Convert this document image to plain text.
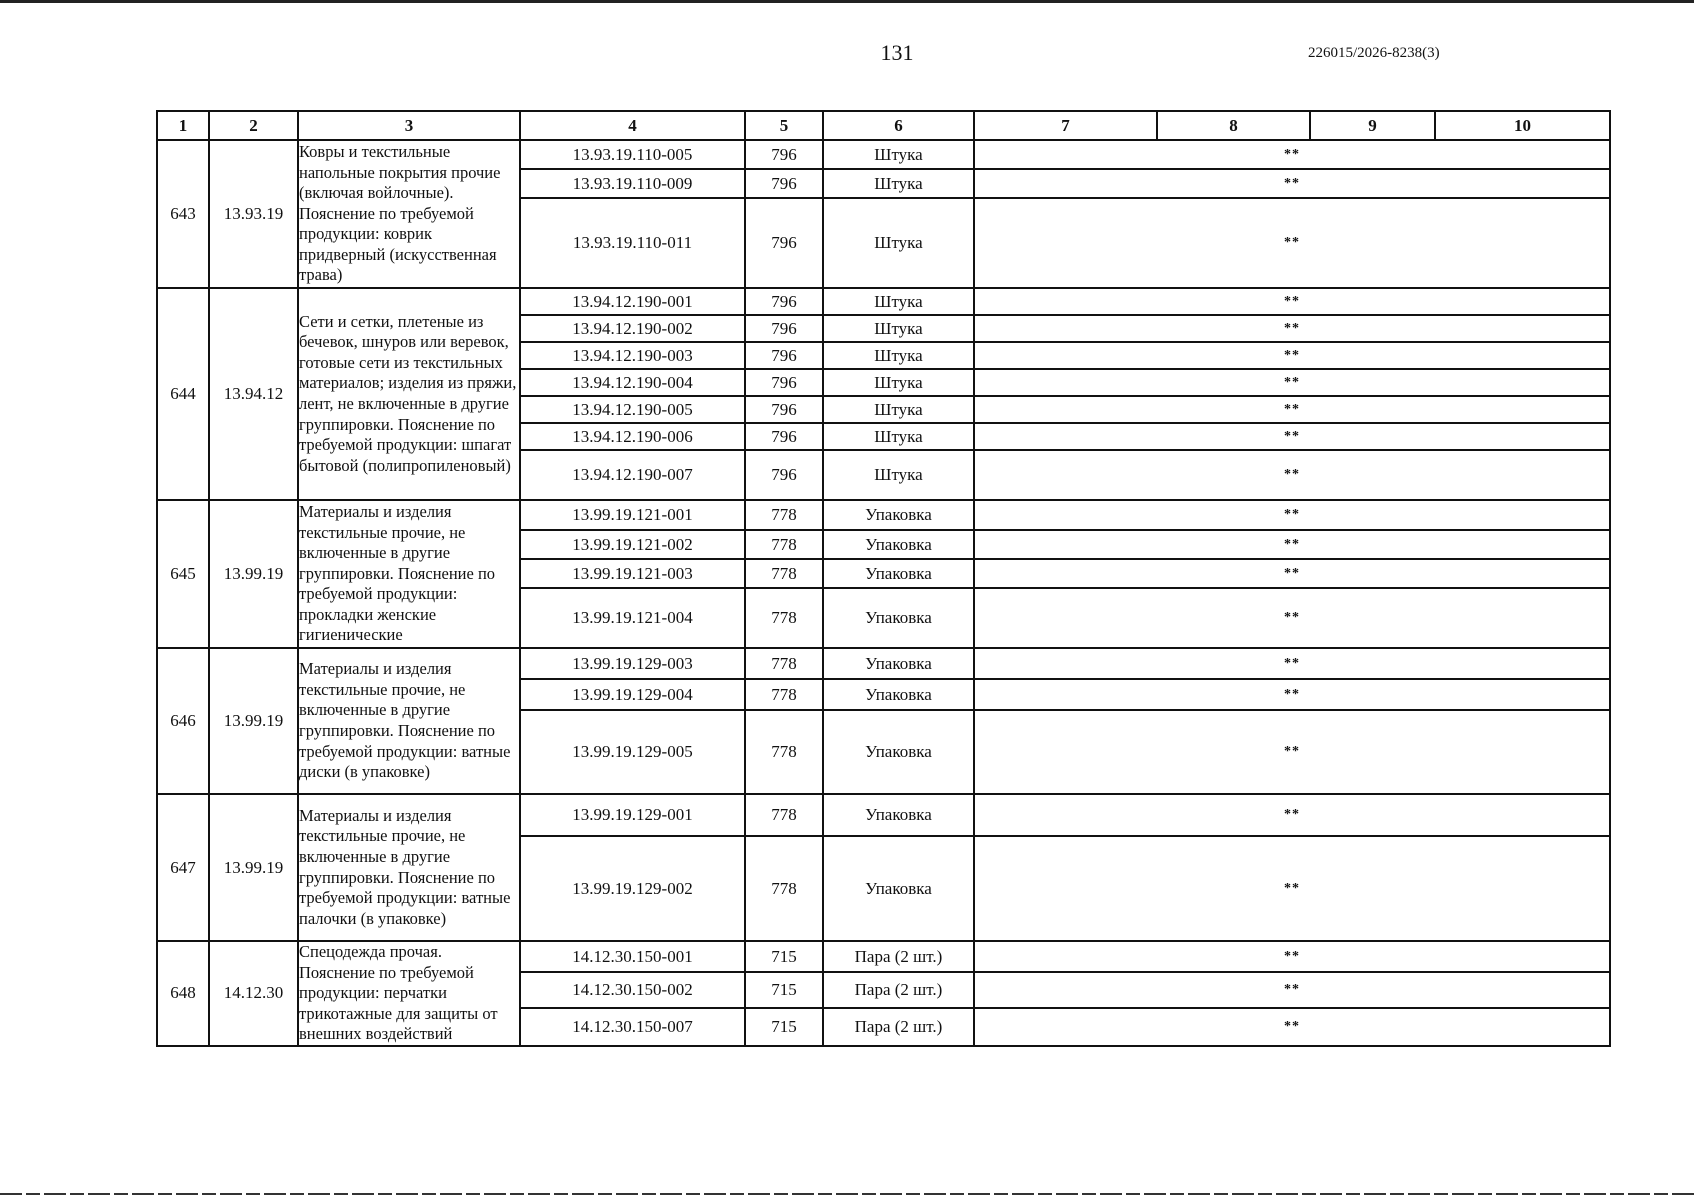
131	226015/2026-8238(3)
1	2	3	4	5	6	7	8	9	10
643	13.93.19	Ковры и текстильные напольные покрытия прочие (включая войлочные). Пояснение по требуемой продукции: коврик придверный (искусственная трава)	13.93.19.110-005	796	Штука	**			
			13.93.19.110-009	796	Штука	**			
			13.93.19.110-011	796	Штука	**			
644	13.94.12	Сети и сетки, плетеные из бечевок, шнуров или веревок, готовые сети из текстильных материалов; изделия из пряжи, лент, не включенные в другие группировки. Пояснение по требуемой продукции: шпагат бытовой (полипропиленовый)	13.94.12.190-001	796	Штука	**			
			13.94.12.190-002	796	Штука	**			
			13.94.12.190-003	796	Штука	**			
			13.94.12.190-004	796	Штука	**			
			13.94.12.190-005	796	Штука	**			
			13.94.12.190-006	796	Штука	**			
			13.94.12.190-007	796	Штука	**			
645	13.99.19	Материалы и изделия текстильные прочие, не включенные в другие группировки. Пояснение по требуемой продукции: прокладки женские гигиенические	13.99.19.121-001	778	Упаковка	**			
			13.99.19.121-002	778	Упаковка	**			
			13.99.19.121-003	778	Упаковка	**			
			13.99.19.121-004	778	Упаковка	**			
646	13.99.19	Материалы и изделия текстильные прочие, не включенные в другие группировки. Пояснение по требуемой продукции: ватные диски (в упаковке)	13.99.19.129-003	778	Упаковка	**			
			13.99.19.129-004	778	Упаковка	**			
			13.99.19.129-005	778	Упаковка	**			
647	13.99.19	Материалы и изделия текстильные прочие, не включенные в другие группировки. Пояснение по требуемой продукции: ватные палочки (в упаковке)	13.99.19.129-001	778	Упаковка	**			
			13.99.19.129-002	778	Упаковка	**			
648	14.12.30	Спецодежда прочая. Пояснение по требуемой продукции: перчатки трикотажные для защиты от внешних воздействий	14.12.30.150-001	715	Пара (2 шт.)	**			
			14.12.30.150-002	715	Пара (2 шт.)	**			
			14.12.30.150-007	715	Пара (2 шт.)	**			
